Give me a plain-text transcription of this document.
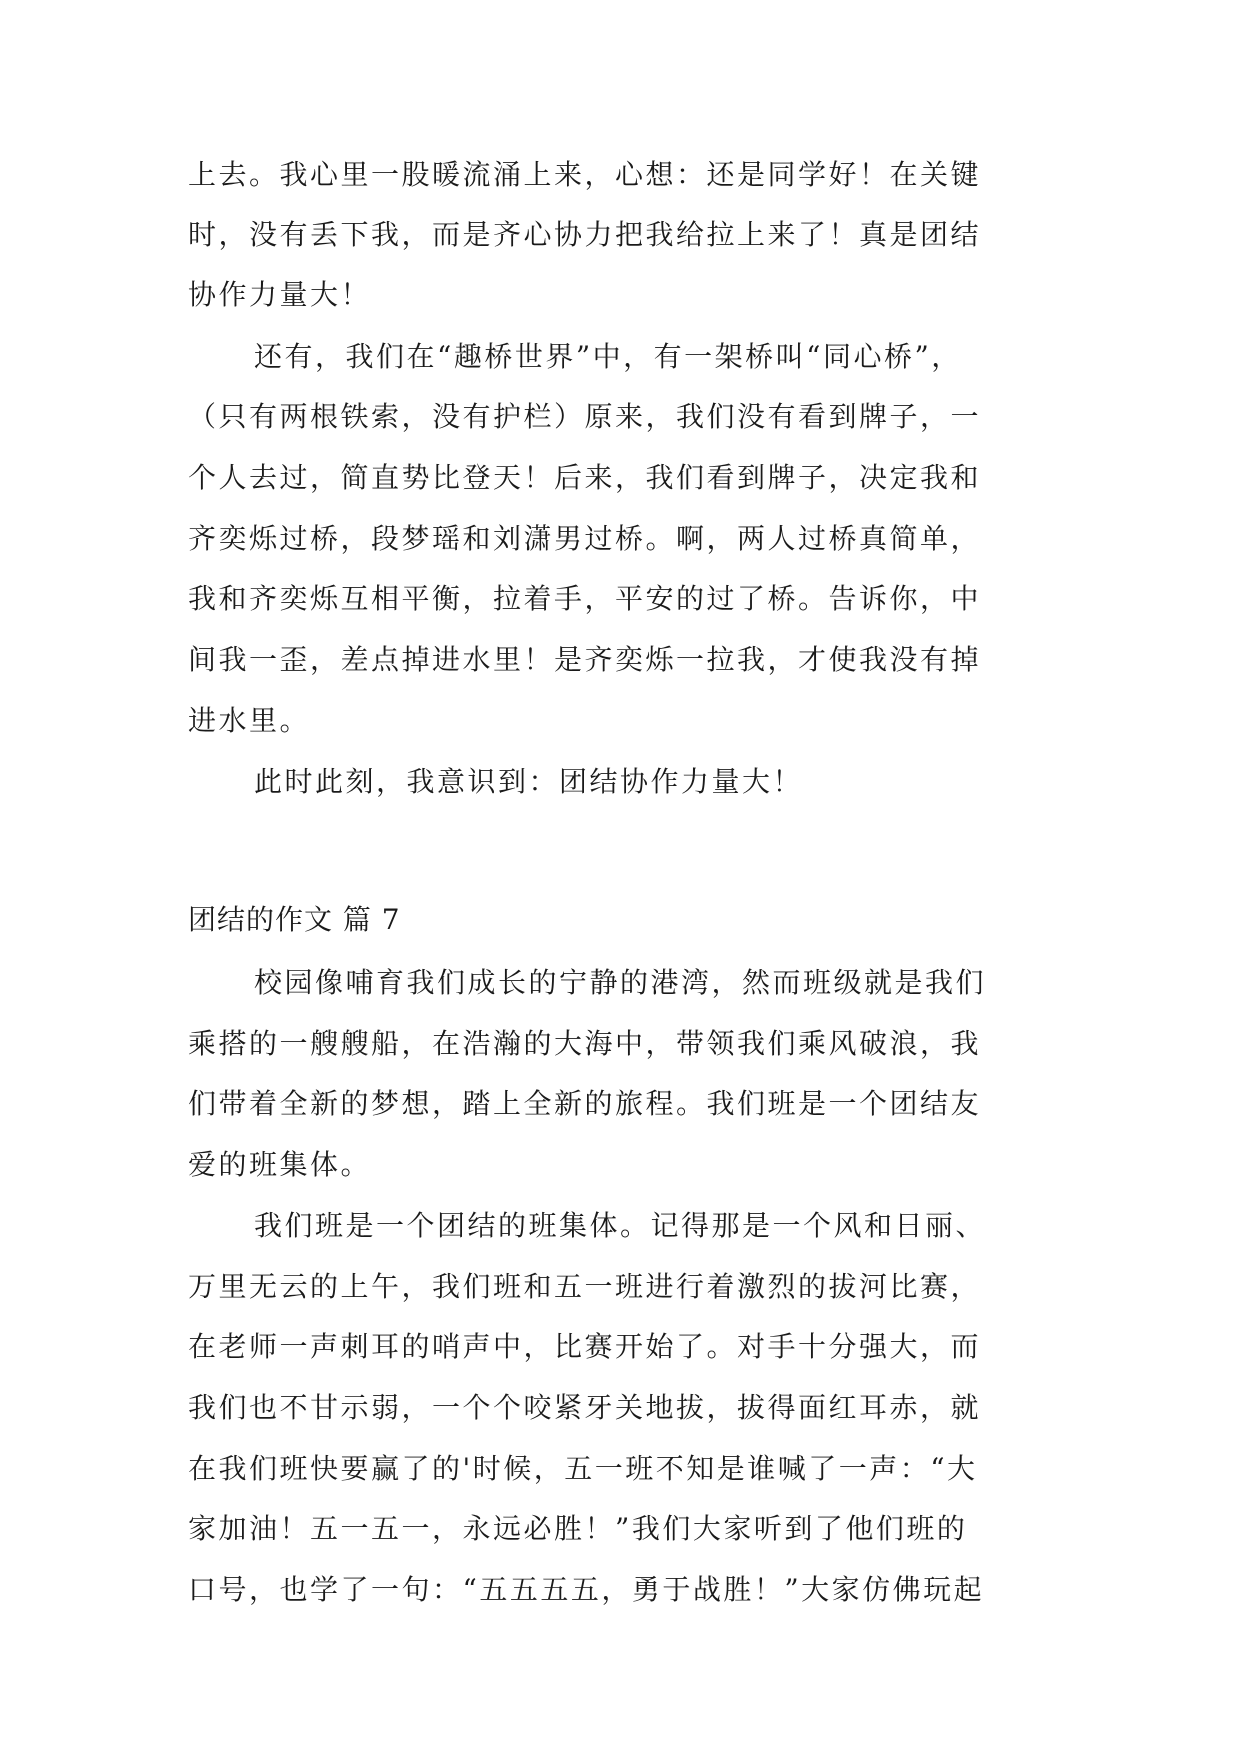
上去。我心里一股暖流涌上来，心想：还是同学好！在关键
时，没有丢下我，而是齐心协力把我给拉上来了！真是团结
协作力量大！
还有，我们在“趣桥世界”中，有一架桥叫“同心桥”，
（只有两根铁索，没有护栏）原来，我们没有看到牌子，一
个人去过，简直势比登天！后来，我们看到牌子，决定我和
齐奕烁过桥，段梦瑶和刘潇男过桥。啊，两人过桥真简单，
我和齐奕烁互相平衡，拉着手，平安的过了桥。告诉你，中
间我一歪，差点掉进水里！是齐奕烁一拉我，才使我没有掉
进水里。
此时此刻，我意识到：团结协作力量大！
团结的作文 篇 7
校园像哺育我们成长的宁静的港湾，然而班级就是我们
乘搭的一艘艘船，在浩瀚的大海中，带领我们乘风破浪，我
们带着全新的梦想，踏上全新的旅程。我们班是一个团结友
爱的班集体。
我们班是一个团结的班集体。记得那是一个风和日丽、
万里无云的上午，我们班和五一班进行着激烈的拔河比赛，
在老师一声刺耳的哨声中，比赛开始了。对手十分强大，而
我们也不甘示弱，一个个咬紧牙关地拔，拔得面红耳赤，就
在我们班快要赢了的'时候，五一班不知是谁喊了一声：“大
家加油！五一五一，永远必胜！”我们大家听到了他们班的
口号，也学了一句：“五五五五，勇于战胜！”大家仿佛玩起
